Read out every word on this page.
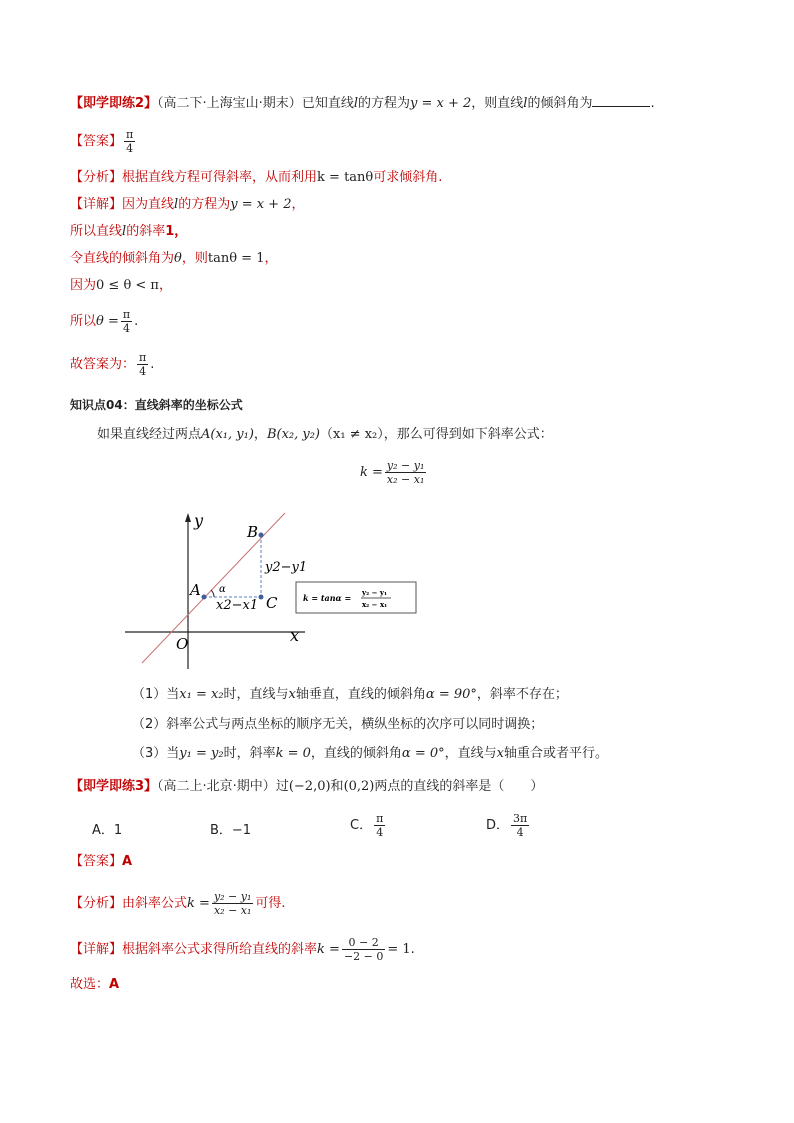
【即学即练2】（高二下·上海宝山·期末）已知直线l的方程为y = x + 2，则直线l的倾斜角为	.
【答案】 $\frac{\pi}{4}$
【分析】根据直线方程可得斜率，从而利用k = tanθ可求倾斜角.
【详解】因为直线l的方程为y = x + 2，
所以直线l的斜率1，
令直线的倾斜角为θ，则tanθ = 1，
因为0 ≤ θ < π，
所以$\theta = \frac{\pi}{4}$ .
故答案为： $\frac{\pi}{4}$ .
知识点04：直线斜率的坐标公式
如果直线经过两点A(x₁, y₁)，B(x₂, y₂)（x₁ ≠ x₂），那么可得到如下斜率公式：
$k = \frac{\text{y₂ − y₁}}{\text{x₂ − x₁}}$
y
x
O
A
B
C
α
y2−y1
x2−x1	k = tanα =
y₂ − y₁
x₂ − x₁
（1）当x₁ = x₂时，直线与x轴垂直，直线的倾斜角α = 90°，斜率不存在；
（2）斜率公式与两点坐标的顺序无关，横纵坐标的次序可以同时调换；
（3）当y₁ = y₂时，斜率k = 0，直线的倾斜角α = 0°，直线与x轴重合或者平行。
【即学即练3】（高二上·北京·期中）过(−2,0)和(0,2)两点的直线的斜率是（　　）
A．1	B．−1	C． $\frac{\pi}{4}$	D． $\frac{3\pi}{4}$
【答案】A
【分析】由斜率公式$k = \frac{\text{y₂ − y₁}}{\text{x₂ − x₁}}$ 可得.
【详解】根据斜率公式求得所给直线的斜率$k = \frac{0 - 2}{-2 - 0} = 1$.
故选：A
